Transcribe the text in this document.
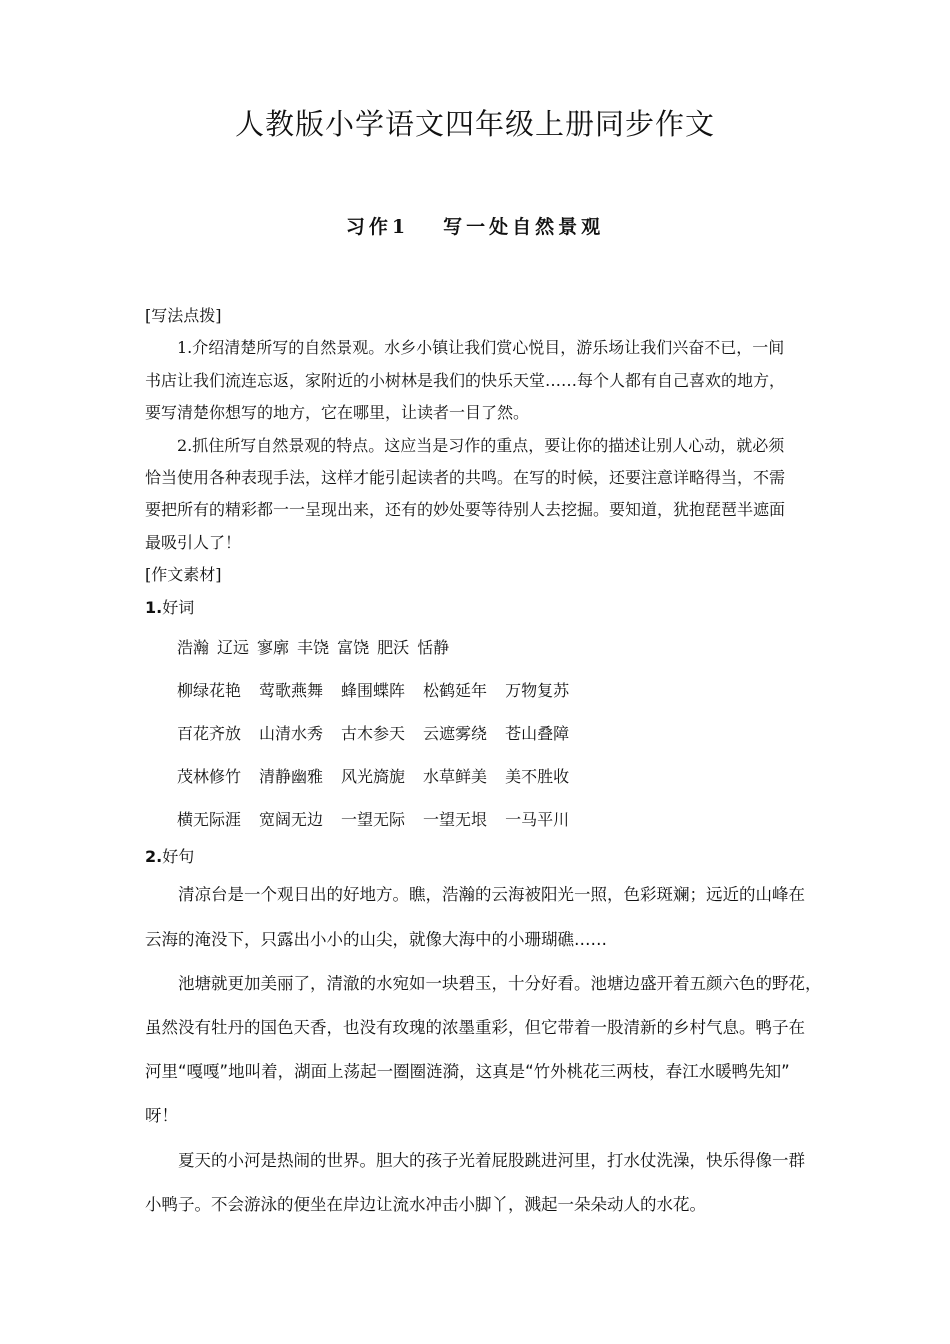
人教版小学语文四年级上册同步作文
习作1 写一处自然景观
[写法点拨]
1.介绍清楚所写的自然景观。水乡小镇让我们赏心悦目，游乐场让我们兴奋不已，一间
书店让我们流连忘返，家附近的小树林是我们的快乐天堂……每个人都有自己喜欢的地方，
要写清楚你想写的地方，它在哪里，让读者一目了然。
2.抓住所写自然景观的特点。这应当是习作的重点，要让你的描述让别人心动，就必须
恰当使用各种表现手法，这样才能引起读者的共鸣。在写的时候，还要注意详略得当，不需
要把所有的精彩都一一呈现出来，还有的妙处要等待别人去挖掘。要知道，犹抱琵琶半遮面
最吸引人了！
[作文素材]
1.好词
浩瀚 辽远 寥廓 丰饶 富饶 肥沃 恬静
柳绿花艳 莺歌燕舞 蜂围蝶阵 松鹤延年 万物复苏
百花齐放 山清水秀 古木参天 云遮雾绕 苍山叠障
茂林修竹 清静幽雅 风光旖旎 水草鲜美 美不胜收
横无际涯 宽阔无边 一望无际 一望无垠 一马平川
2.好句
清凉台是一个观日出的好地方。瞧，浩瀚的云海被阳光一照，色彩斑斓；远近的山峰在
云海的淹没下，只露出小小的山尖，就像大海中的小珊瑚礁……
池塘就更加美丽了，清澈的水宛如一块碧玉，十分好看。池塘边盛开着五颜六色的野花，
虽然没有牡丹的国色天香，也没有玫瑰的浓墨重彩，但它带着一股清新的乡村气息。鸭子在
河里“嘎嘎”地叫着，湖面上荡起一圈圈涟漪，这真是“竹外桃花三两枝，春江水暖鸭先知”
呀！
夏天的小河是热闹的世界。胆大的孩子光着屁股跳进河里，打水仗洗澡，快乐得像一群
小鸭子。不会游泳的便坐在岸边让流水冲击小脚丫，溅起一朵朵动人的水花。
